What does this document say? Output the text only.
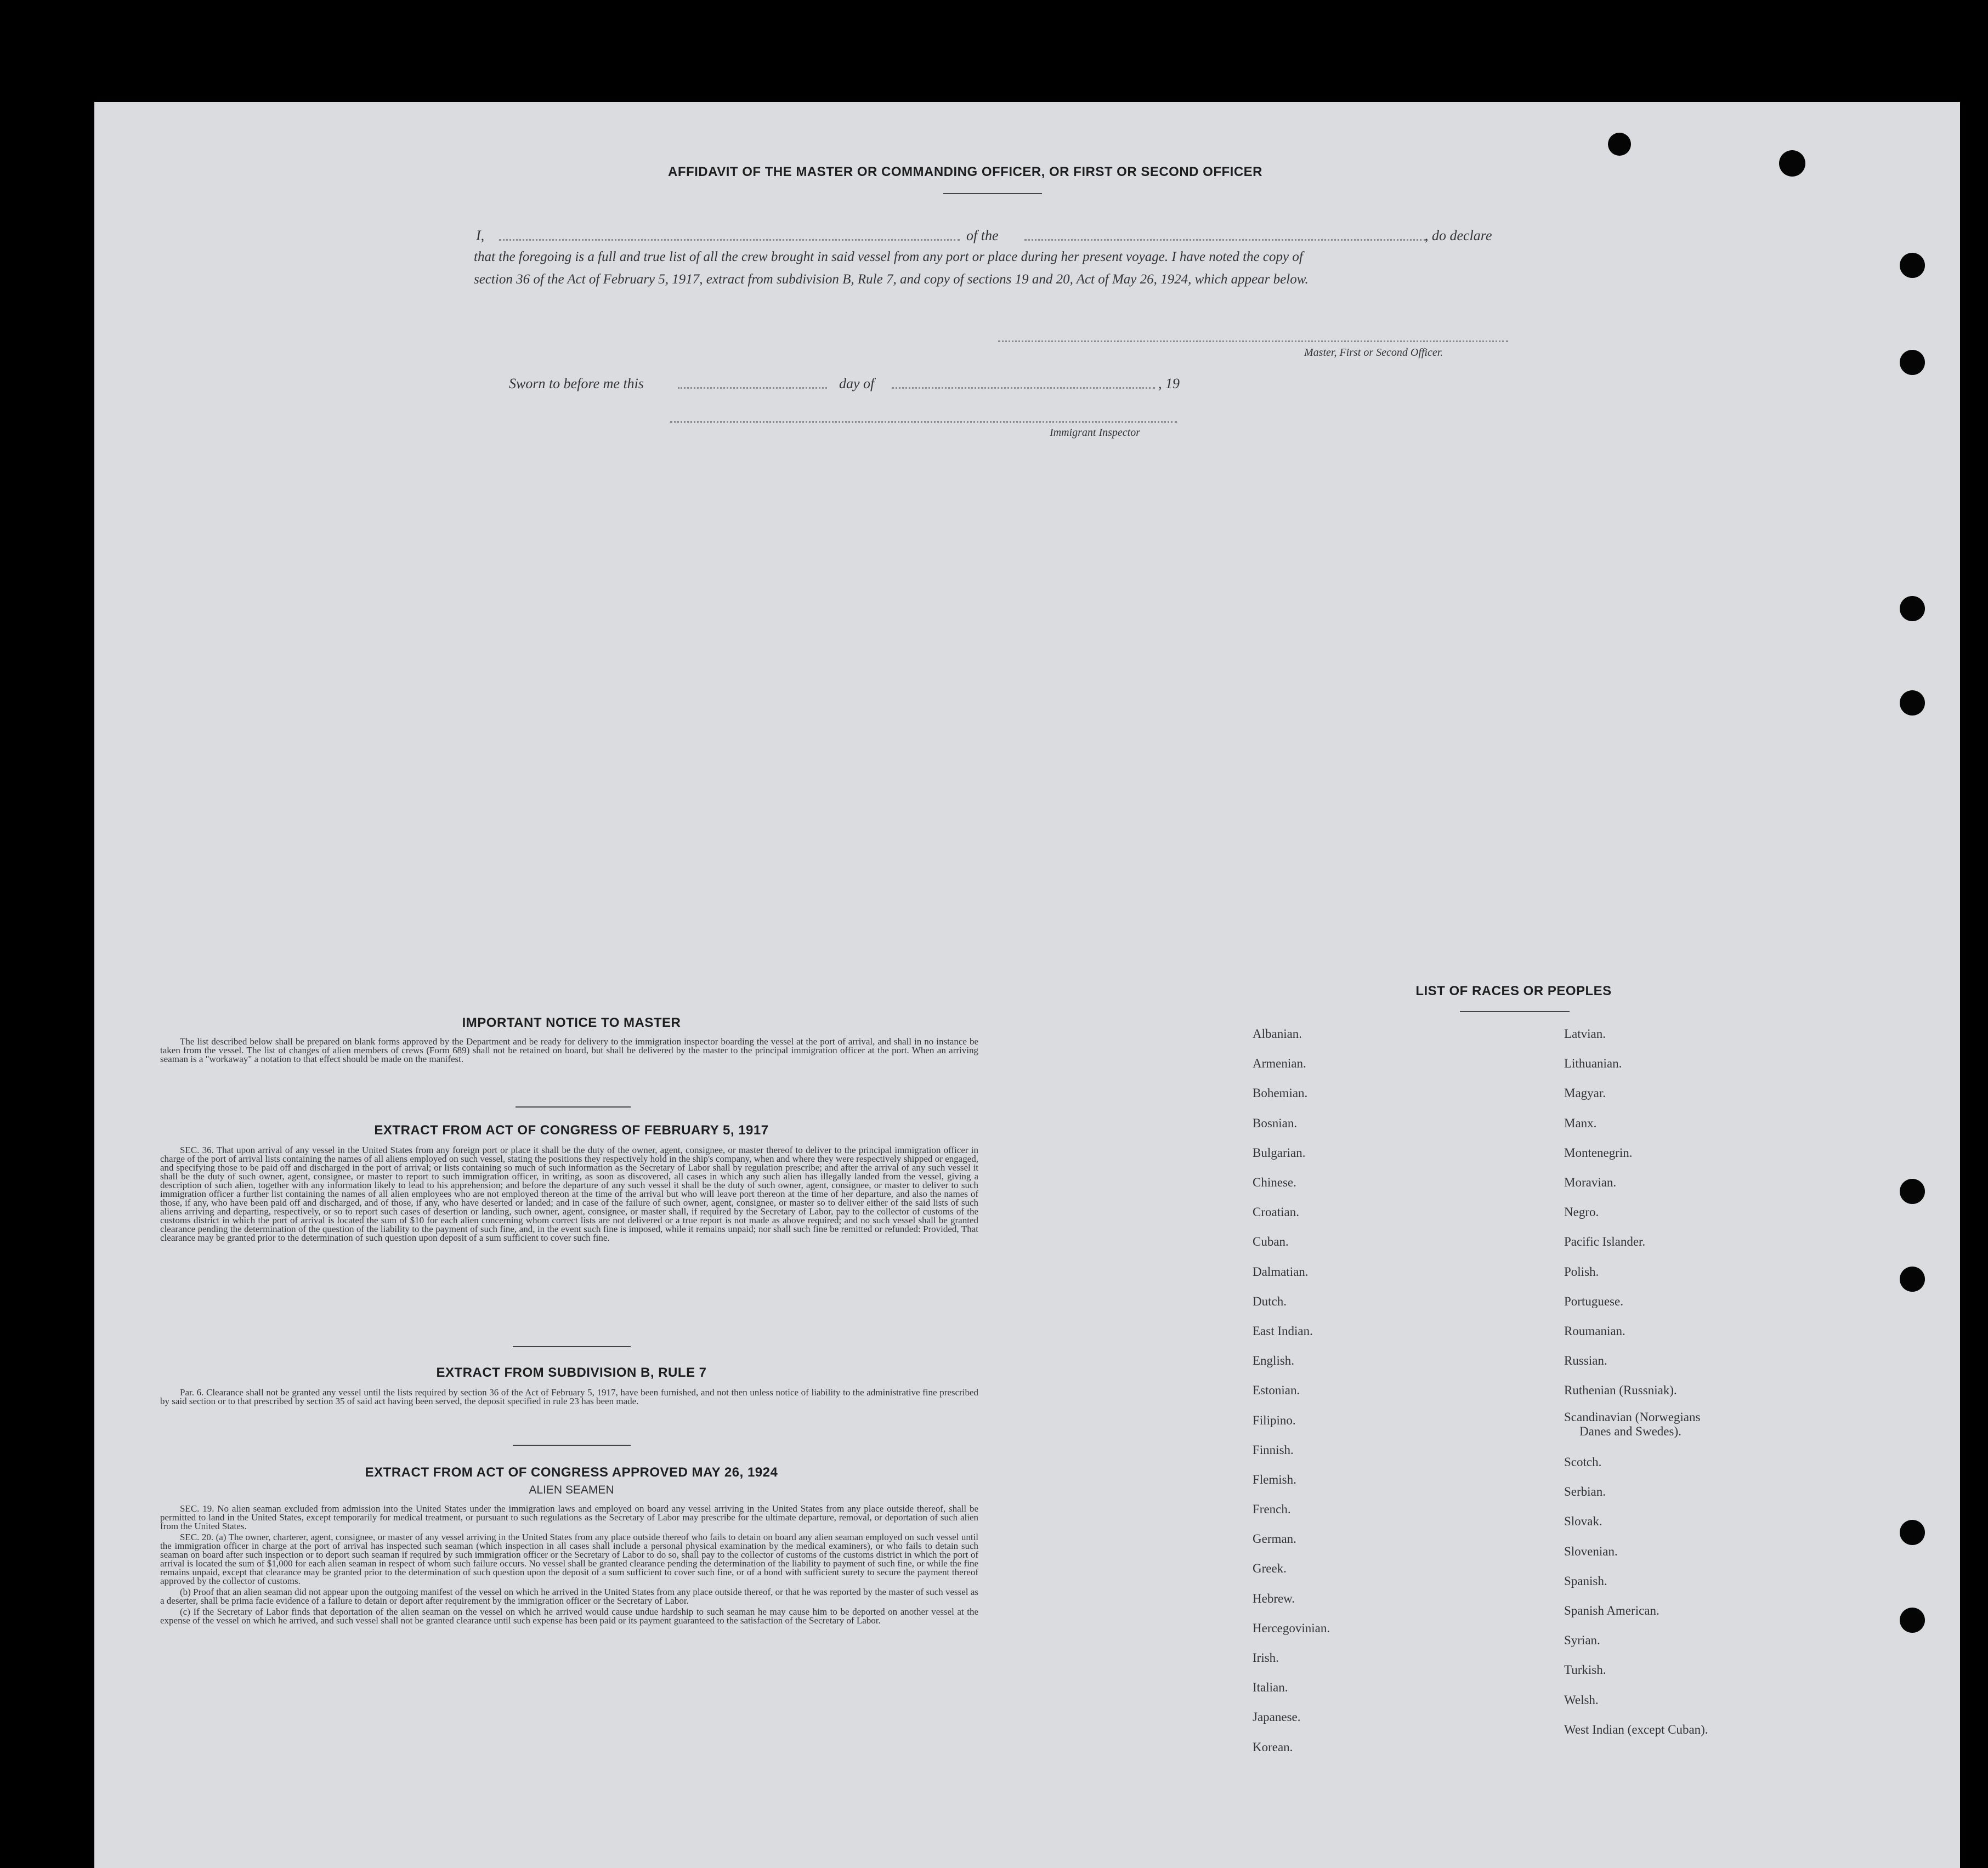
AFFIDAVIT OF THE MASTER OR COMMANDING OFFICER, OR FIRST OR SECOND OFFICER
I,	of the	, do declare
that the foregoing is a full and true list of all the crew brought in said vessel from any port or place during her present voyage. I have noted the copy of
section 36 of the Act of February 5, 1917, extract from subdivision B, Rule 7, and copy of sections 19 and 20, Act of May 26, 1924, which appear below.
Master, First or Second Officer.
Sworn to before me this	day of	, 19
Immigrant Inspector
IMPORTANT NOTICE TO MASTER

The list described below shall be prepared on blank forms approved by the Department and be ready for delivery to the immigration inspector boarding the vessel at the port of arrival, and shall in no instance be taken from the vessel. The list of changes of alien members of crews (Form 689) shall not be retained on board, but shall be delivered by the master to the principal immigration officer at the port. When an arriving seaman is a "workaway" a notation to that effect should be made on the manifest.

EXTRACT FROM ACT OF CONGRESS OF FEBRUARY 5, 1917

SEC. 36. That upon arrival of any vessel in the United States from any foreign port or place it shall be the duty of the owner, agent, consignee, or master thereof to deliver to the principal immigration officer in charge of the port of arrival lists containing the names of all aliens employed on such vessel, stating the positions they respectively hold in the ship's company, when and where they were respectively shipped or engaged, and specifying those to be paid off and discharged in the port of arrival; or lists containing so much of such information as the Secretary of Labor shall by regulation prescribe; and after the arrival of any such vessel it shall be the duty of such owner, agent, consignee, or master to report to such immigration officer, in writing, as soon as discovered, all cases in which any such alien has illegally landed from the vessel, giving a description of such alien, together with any information likely to lead to his apprehension; and before the departure of any such vessel it shall be the duty of such owner, agent, consignee, or master to deliver to such immigration officer a further list containing the names of all alien employees who are not employed thereon at the time of the arrival but who will leave port thereon at the time of her departure, and also the names of those, if any, who have been paid off and discharged, and of those, if any, who have deserted or landed; and in case of the failure of such owner, agent, consignee, or master so to deliver either of the said lists of such aliens arriving and departing, respectively, or so to report such cases of desertion or landing, such owner, agent, consignee, or master shall, if required by the Secretary of Labor, pay to the collector of customs of the customs district in which the port of arrival is located the sum of $10 for each alien concerning whom correct lists are not delivered or a true report is not made as above required; and no such vessel shall be granted clearance pending the determination of the question of the liability to the payment of such fine, and, in the event such fine is imposed, while it remains unpaid; nor shall such fine be remitted or refunded: Provided, That clearance may be granted prior to the determination of such question upon deposit of a sum sufficient to cover such fine.

EXTRACT FROM SUBDIVISION B, RULE 7

Par. 6. Clearance shall not be granted any vessel until the lists required by section 36 of the Act of February 5, 1917, have been furnished, and not then unless notice of liability to the administrative fine prescribed by said section or to that prescribed by section 35 of said act having been served, the deposit specified in rule 23 has been made.

EXTRACT FROM ACT OF CONGRESS APPROVED MAY 26, 1924
ALIEN SEAMEN

SEC. 19. No alien seaman excluded from admission into the United States under the immigration laws and employed on board any vessel arriving in the United States from any place outside thereof, shall be permitted to land in the United States, except temporarily for medical treatment, or pursuant to such regulations as the Secretary of Labor may prescribe for the ultimate departure, removal, or deportation of such alien from the United States.

SEC. 20. (a) The owner, charterer, agent, consignee, or master of any vessel arriving in the United States from any place outside thereof who fails to detain on board any alien seaman employed on such vessel until the immigration officer in charge at the port of arrival has inspected such seaman (which inspection in all cases shall include a personal physical examination by the medical examiners), or who fails to detain such seaman on board after such inspection or to deport such seaman if required by such immigration officer or the Secretary of Labor to do so, shall pay to the collector of customs of the customs district in which the port of arrival is located the sum of $1,000 for each alien seaman in respect of whom such failure occurs. No vessel shall be granted clearance pending the determination of the liability to payment of such fine, or while the fine remains unpaid, except that clearance may be granted prior to the determination of such question upon the deposit of a sum sufficient to cover such fine, or of a bond with sufficient surety to secure the payment thereof approved by the collector of customs.

(b) Proof that an alien seaman did not appear upon the outgoing manifest of the vessel on which he arrived in the United States from any place outside thereof, or that he was reported by the master of such vessel as a deserter, shall be prima facie evidence of a failure to detain or deport after requirement by the immigration officer or the Secretary of Labor.

(c) If the Secretary of Labor finds that deportation of the alien seaman on the vessel on which he arrived would cause undue hardship to such seaman he may cause him to be deported on another vessel at the expense of the vessel on which he arrived, and such vessel shall not be granted clearance until such expense has been paid or its payment guaranteed to the satisfaction of the Secretary of Labor.

LIST OF RACES OR PEOPLES
Albanian.
Armenian.
Bohemian.
Bosnian.
Bulgarian.
Chinese.
Croatian.
Cuban.
Dalmatian.
Dutch.
East Indian.
English.
Estonian.
Filipino.
Finnish.
Flemish.
French.
German.
Greek.
Hebrew.
Hercegovinian.
Irish.
Italian.
Japanese.
Korean.
Latvian.
Lithuanian.
Magyar.
Manx.
Montenegrin.
Moravian.
Negro.
Pacific Islander.
Polish.
Portuguese.
Roumanian.
Russian.
Ruthenian (Russniak).
Scandinavian (Norwegians
Danes and Swedes).
Scotch.
Serbian.
Slovak.
Slovenian.
Spanish.
Spanish American.
Syrian.
Turkish.
Welsh.
West Indian (except Cuban).
